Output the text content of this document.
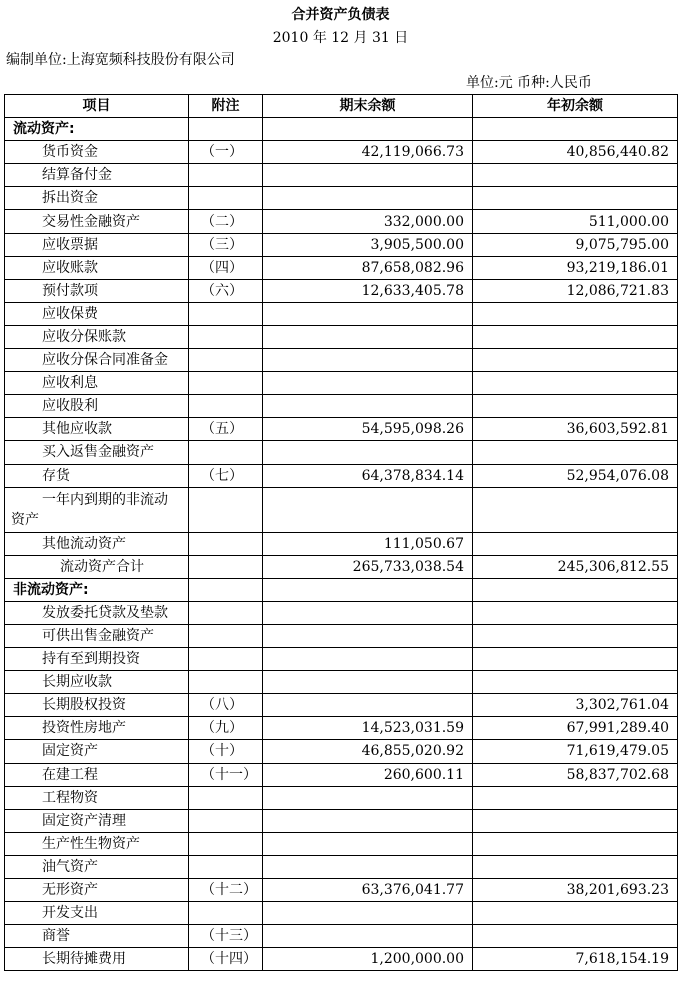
合并资产负债表
2010 年 12 月 31 日
编制单位:上海宽频科技股份有限公司
单位:元 币种:人民币
项目	附注	期末余额	年初余额
流动资产:			
货币资金	（一）	42,119,066.73	40,856,440.82
结算备付金			
拆出资金			
交易性金融资产	（二）	332,000.00	511,000.00
应收票据	（三）	3,905,500.00	9,075,795.00
应收账款	（四）	87,658,082.96	93,219,186.01
预付款项	（六）	12,633,405.78	12,086,721.83
应收保费			
应收分保账款			
应收分保合同准备金			
应收利息			
应收股利			
其他应收款	（五）	54,595,098.26	36,603,592.81
买入返售金融资产			
存货	（七）	64,378,834.14	52,954,076.08

一年内到期的非流动
资产			

其他流动资产		111,050.67	
流动资产合计		265,733,038.54	245,306,812.55
非流动资产:			
发放委托贷款及垫款			
可供出售金融资产			
持有至到期投资			
长期应收款			
长期股权投资	（八）		3,302,761.04
投资性房地产	（九）	14,523,031.59	67,991,289.40
固定资产	（十）	46,855,020.92	71,619,479.05
在建工程	（十一）	260,600.11	58,837,702.68
工程物资			
固定资产清理			
生产性生物资产			
油气资产			
无形资产	（十二）	63,376,041.77	38,201,693.23
开发支出			
商誉	（十三）		
长期待摊费用	（十四）	1,200,000.00	7,618,154.19
